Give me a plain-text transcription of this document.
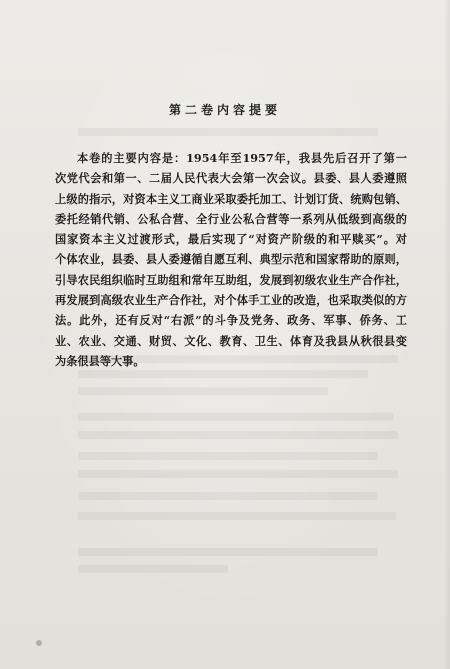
第二卷内容提要
本卷的主要内容是：1954年至1957年，我县先后召开了第一
次党代会和第一、二届人民代表大会第一次会议。县委、县人委遵照
上级的指示，对资本主义工商业采取委托加工、计划订货、统购包销、
委托经销代销、公私合营、全行业公私合营等一系列从低级到高级的
国家资本主义过渡形式，最后实现了“对资产阶级的和平赎买”。对
个体农业，县委、县人委遵循自愿互利、典型示范和国家帮助的原则，
引导农民组织临时互助组和常年互助组，发展到初级农业生产合作社，
再发展到高级农业生产合作社，对个体手工业的改造，也采取类似的方
法。此外，还有反对“右派”的斗争及党务、政务、军事、侨务、工
业、农业、交通、财贸、文化、教育、卫生、体育及我县从秋很县变
为条很县等大事。
